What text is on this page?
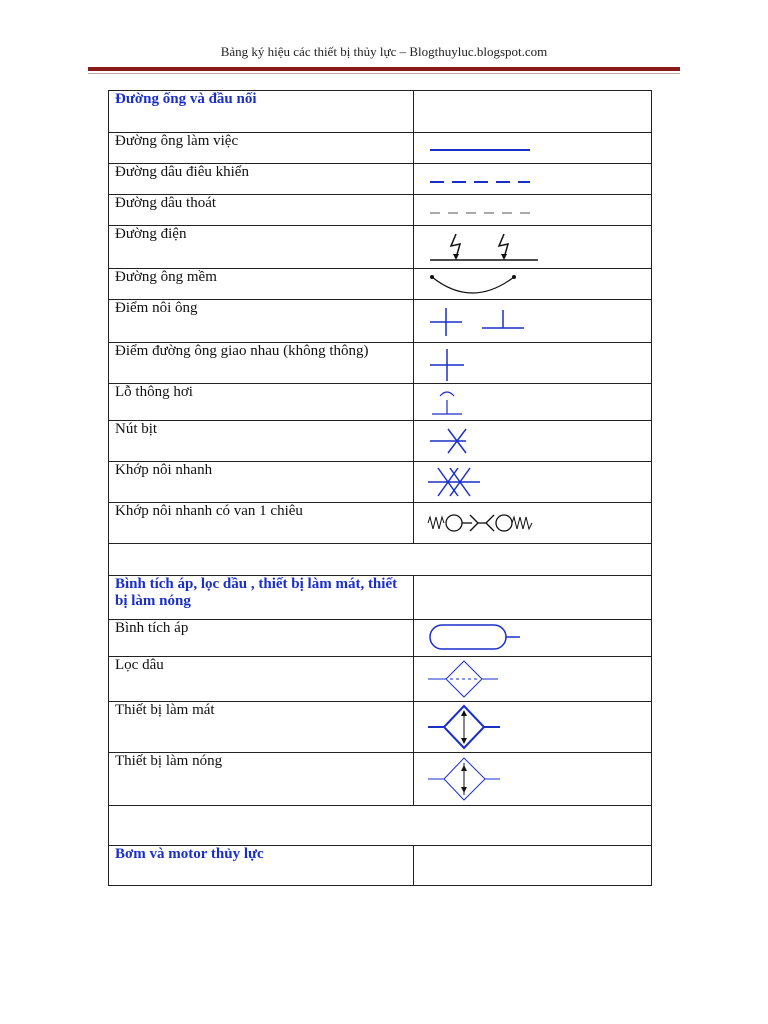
Bảng ký hiệu các thiết bị thủy lực – Blogthuyluc.blogspot.com
Đường ống và đầu nối	
Đường ông làm việc	

Đường dâu điêu khiển	

Đường dâu thoát	

Đường điện	

Đường ông mềm	

Điểm nôi ông	

Điểm đường ông giao nhau (không thông)	

Lỗ thông hơi	

Nút bịt	

Khớp nôi nhanh	

Khớp nôi nhanh có van 1 chiêu	

Bình tích áp, lọc dầu , thiết bị làm mát, thiết bị làm nóng	
Bình tích áp	

Lọc dâu	

Thiết bị làm mát	

Thiết bị làm nóng	

Bơm và motor thủy lực	
